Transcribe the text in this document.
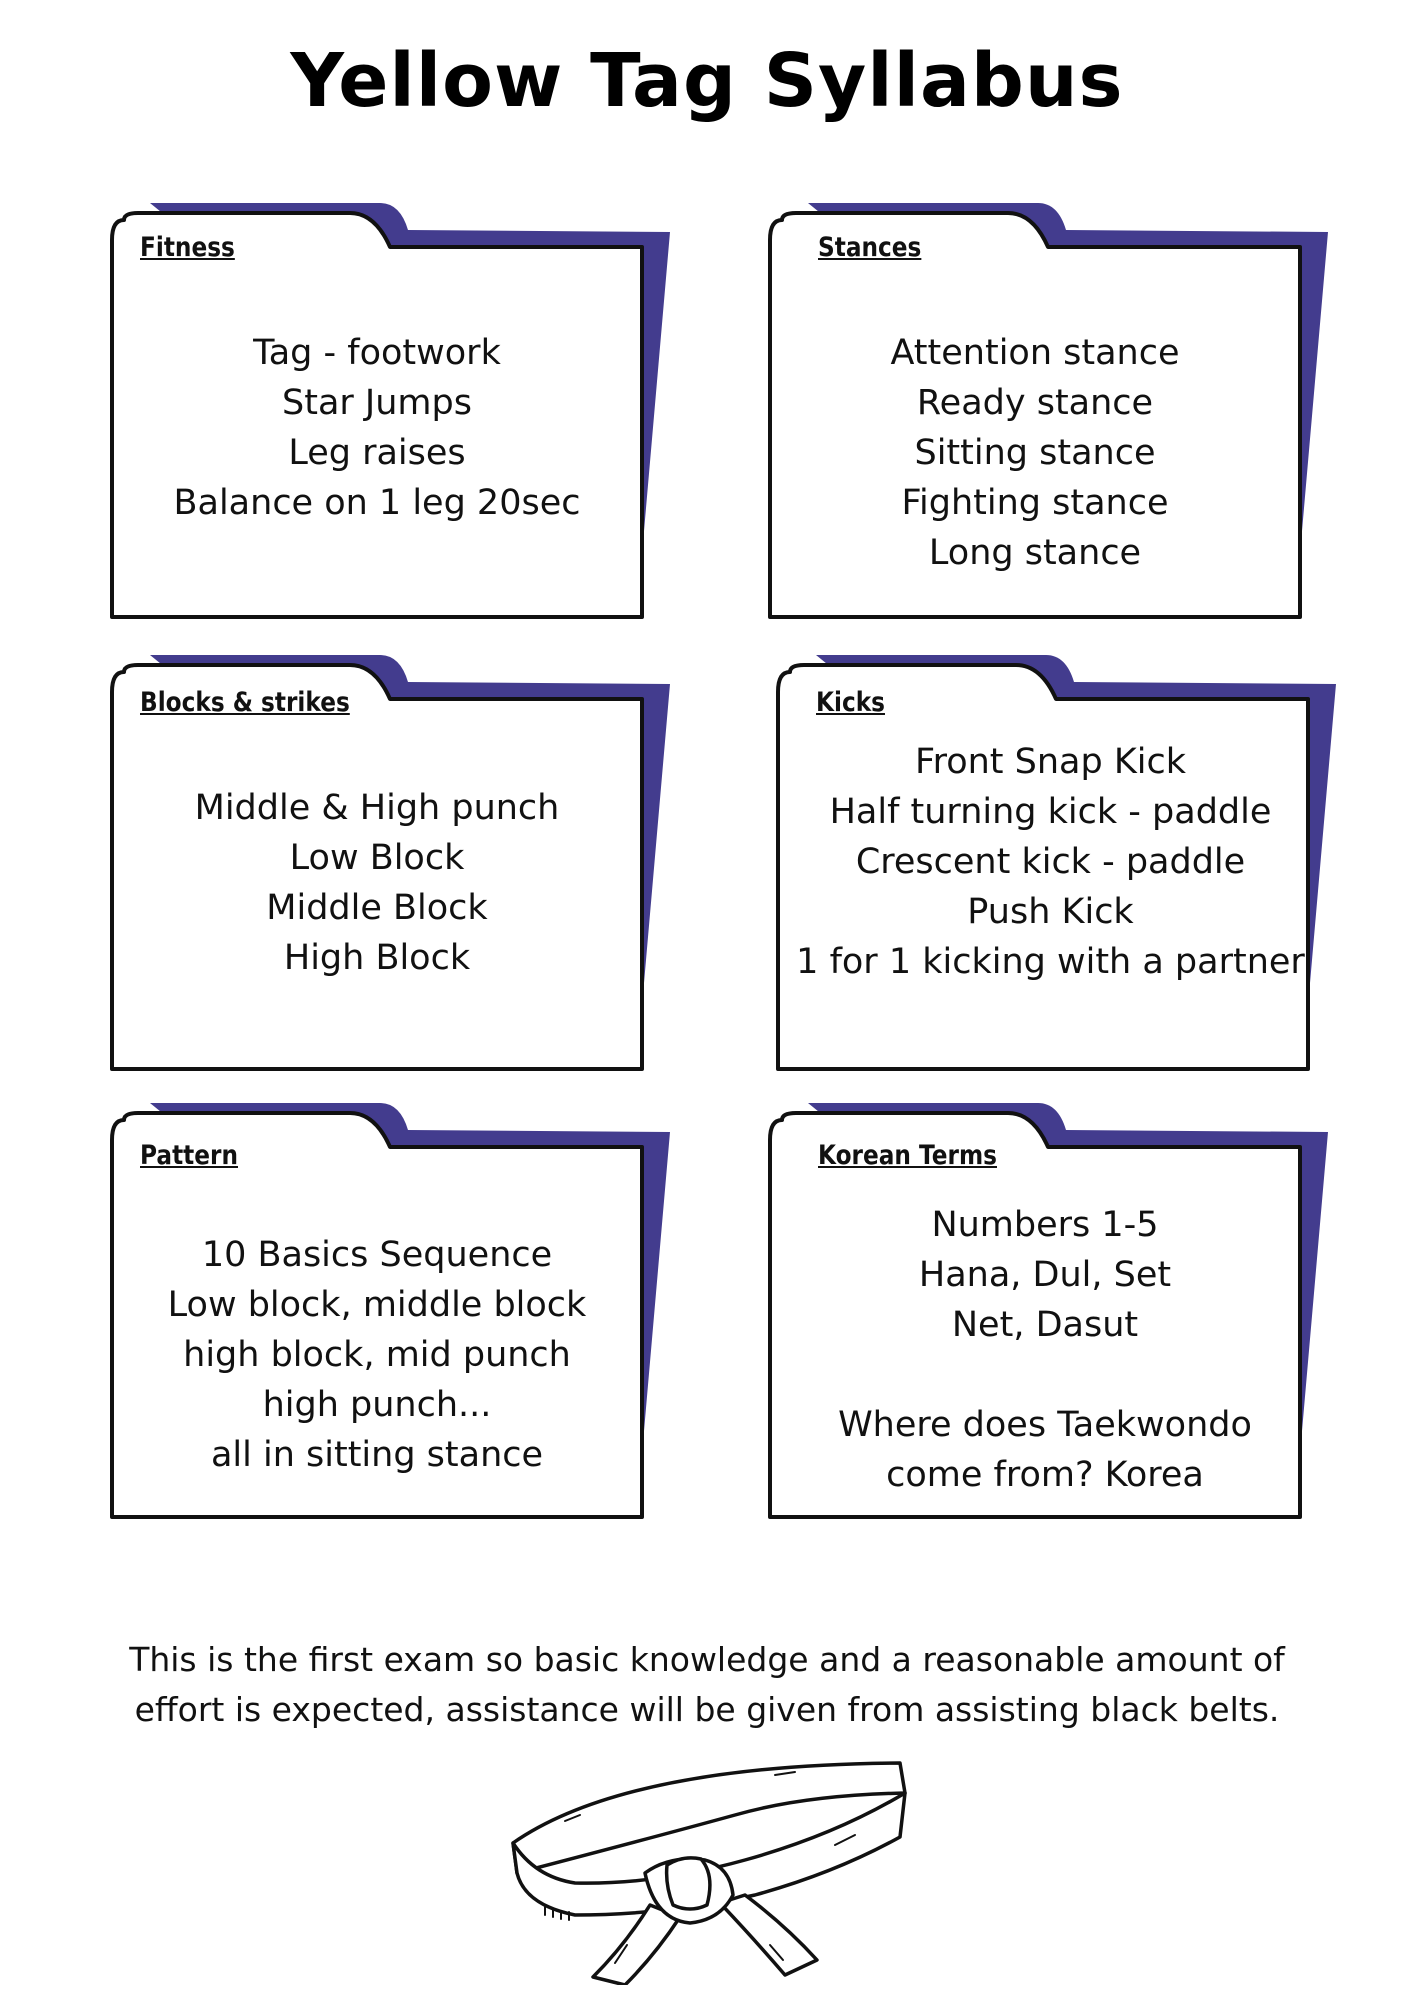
Yellow Tag Syllabus
Fitness
Tag - footwork
Star Jumps
Leg raises
Balance on 1 leg 20sec
Stances
Attention stance
Ready stance
Sitting stance
Fighting stance
Long stance
Blocks & strikes
Middle & High punch
Low Block
Middle Block
High Block
Kicks
Front Snap Kick
Half turning kick - paddle
Crescent kick - paddle
Push Kick
1 for 1 kicking with a partner
Pattern
10 Basics Sequence
Low block, middle block
high block, mid punch
high punch...
all in sitting stance
Korean Terms
Numbers 1-5
Hana, Dul, Set
Net, Dasut
Where does Taekwondo
come from? Korea
This is the first exam so basic knowledge and a reasonable amount of
effort is expected, assistance will be given from assisting black belts.
